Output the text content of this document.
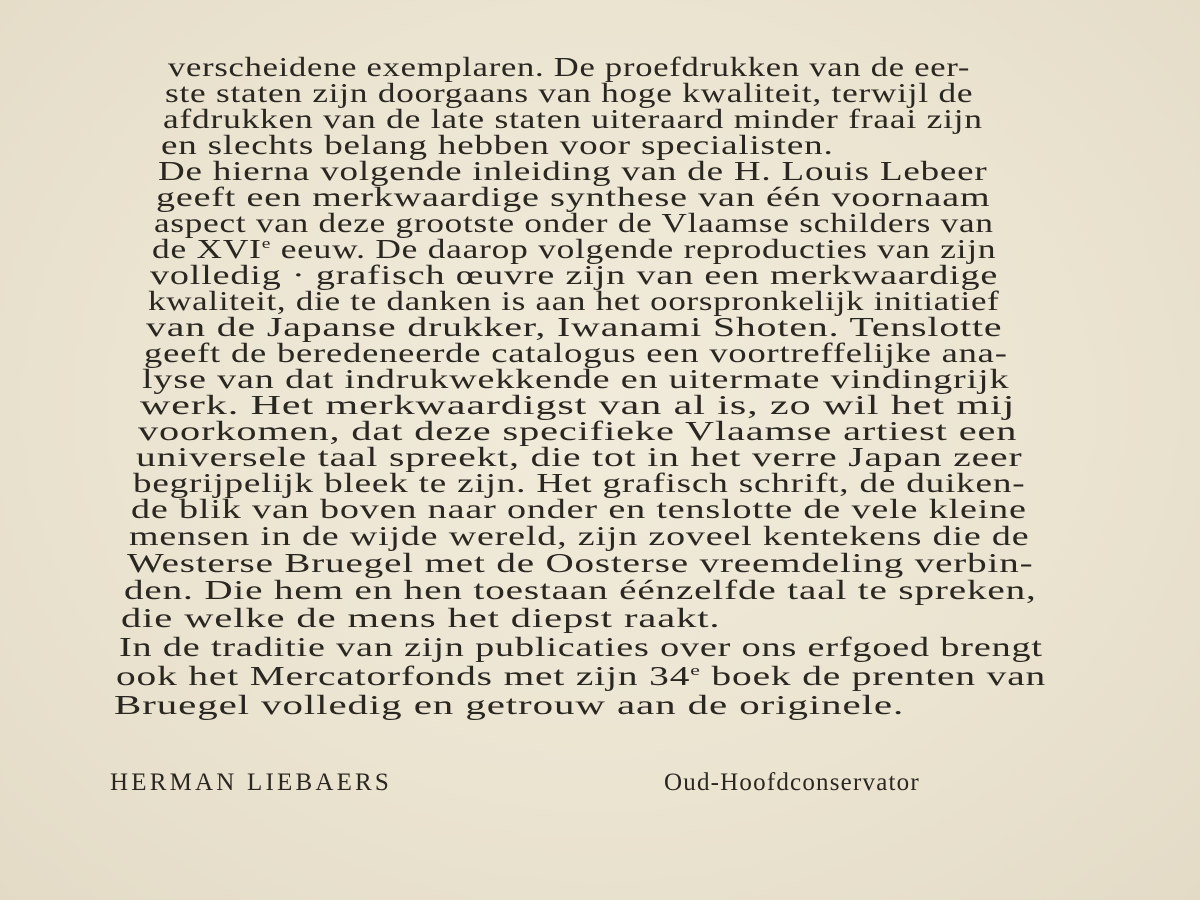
verscheidene exemplaren. De proefdrukken van de eer-
ste staten zijn doorgaans van hoge kwaliteit, terwijl de
afdrukken van de late staten uiteraard minder fraai zijn
en slechts belang hebben voor specialisten.
De hierna volgende inleiding van de H. Louis Lebeer
geeft een merkwaardige synthese van één voornaam
aspect van deze grootste onder de Vlaamse schilders van
de XVIe eeuw. De daarop volgende reproducties van zijn
volledig · grafisch œuvre zijn van een merkwaardige
kwaliteit, die te danken is aan het oorspronkelijk initiatief
van de Japanse drukker, Iwanami Shoten. Tenslotte
geeft de beredeneerde catalogus een voortreffelijke ana-
lyse van dat indrukwekkende en uitermate vindingrijk
werk. Het merkwaardigst van al is, zo wil het mij
voorkomen, dat deze specifieke Vlaamse artiest een
universele taal spreekt, die tot in het verre Japan zeer
begrijpelijk bleek te zijn. Het grafisch schrift, de duiken-
de blik van boven naar onder en tenslotte de vele kleine
mensen in de wijde wereld, zijn zoveel kentekens die de
Westerse Bruegel met de Oosterse vreemdeling verbin-
den. Die hem en hen toestaan éénzelfde taal te spreken,
die welke de mens het diepst raakt.
In de traditie van zijn publicaties over ons erfgoed brengt
ook het Mercatorfonds met zijn 34e boek de prenten van
Bruegel volledig en getrouw aan de originele.
HERMAN LIEBAERS	Oud-Hoofdconservator
